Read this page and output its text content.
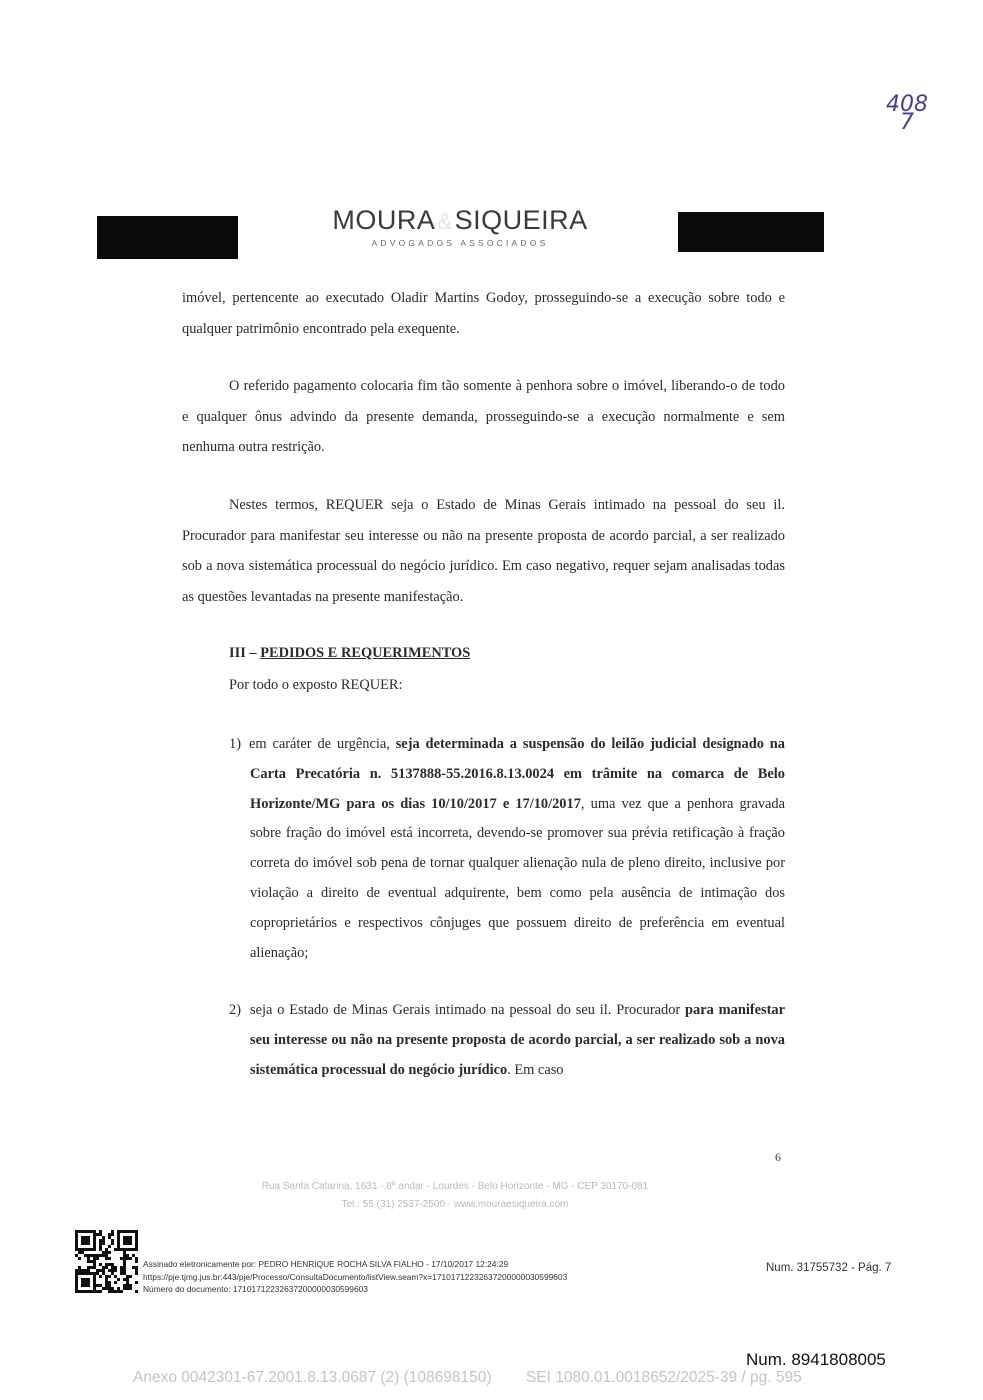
408
7
MOURA&SIQUEIRA
ADVOGADOS ASSOCIADOS

imóvel, pertencente ao executado Oladir Martins Godoy, prosseguindo-se a execução sobre todo e qualquer patrimônio encontrado pela exequente.

O referido pagamento colocaria fim tão somente à penhora sobre o imóvel, liberando-o de todo e qualquer ônus advindo da presente demanda, prosseguindo-se a execução normalmente e sem nenhuma outra restrição.

Nestes termos, REQUER seja o Estado de Minas Gerais intimado na pessoal do seu il. Procurador para manifestar seu interesse ou não na presente proposta de acordo parcial, a ser realizado sob a nova sistemática processual do negócio jurídico. Em caso negativo, requer sejam analisadas todas as questões levantadas na presente manifestação.

III – PEDIDOS E REQUERIMENTOS
Por todo o exposto REQUER:
1) em caráter de urgência, seja determinada a suspensão do leilão judicial designado na Carta Precatória n. 5137888-55.2016.8.13.0024 em trâmite na comarca de Belo Horizonte/MG para os dias 10/10/2017 e 17/10/2017, uma vez que a penhora gravada sobre fração do imóvel está incorreta, devendo-se promover sua prévia retificação à fração correta do imóvel sob pena de tornar qualquer alienação nula de pleno direito, inclusive por violação a direito de eventual adquirente, bem como pela ausência de intimação dos coproprietários e respectivos cônjuges que possuem direito de preferência em eventual alienação;
2) seja o Estado de Minas Gerais intimado na pessoal do seu il. Procurador para manifestar seu interesse ou não na presente proposta de acordo parcial, a ser realizado sob a nova sistemática processual do negócio jurídico. Em caso
6
Rua Santa Catarina, 1631 - 8º andar - Lourdes - Belo Horizonte - MG - CEP 30170-081
Tel.: 55 (31) 2537-2500 - www.mouraesiqueira.com
Assinado eletronicamente por: PEDRO HENRIQUE ROCHA SILVA FIALHO - 17/10/2017 12:24:29
https://pje.tjmg.jus.br:443/pje/Processo/ConsultaDocumento/listView.seam?x=17101712232637200000030599603
Número do documento: 17101712232637200000030599603
Num. 31755732 - Pág. 7
Num. 8941808005
Anexo 0042301-67.2001.8.13.0687 (2) (108698150)        SEI 1080.01.0018652/2025-39 / pg. 595
